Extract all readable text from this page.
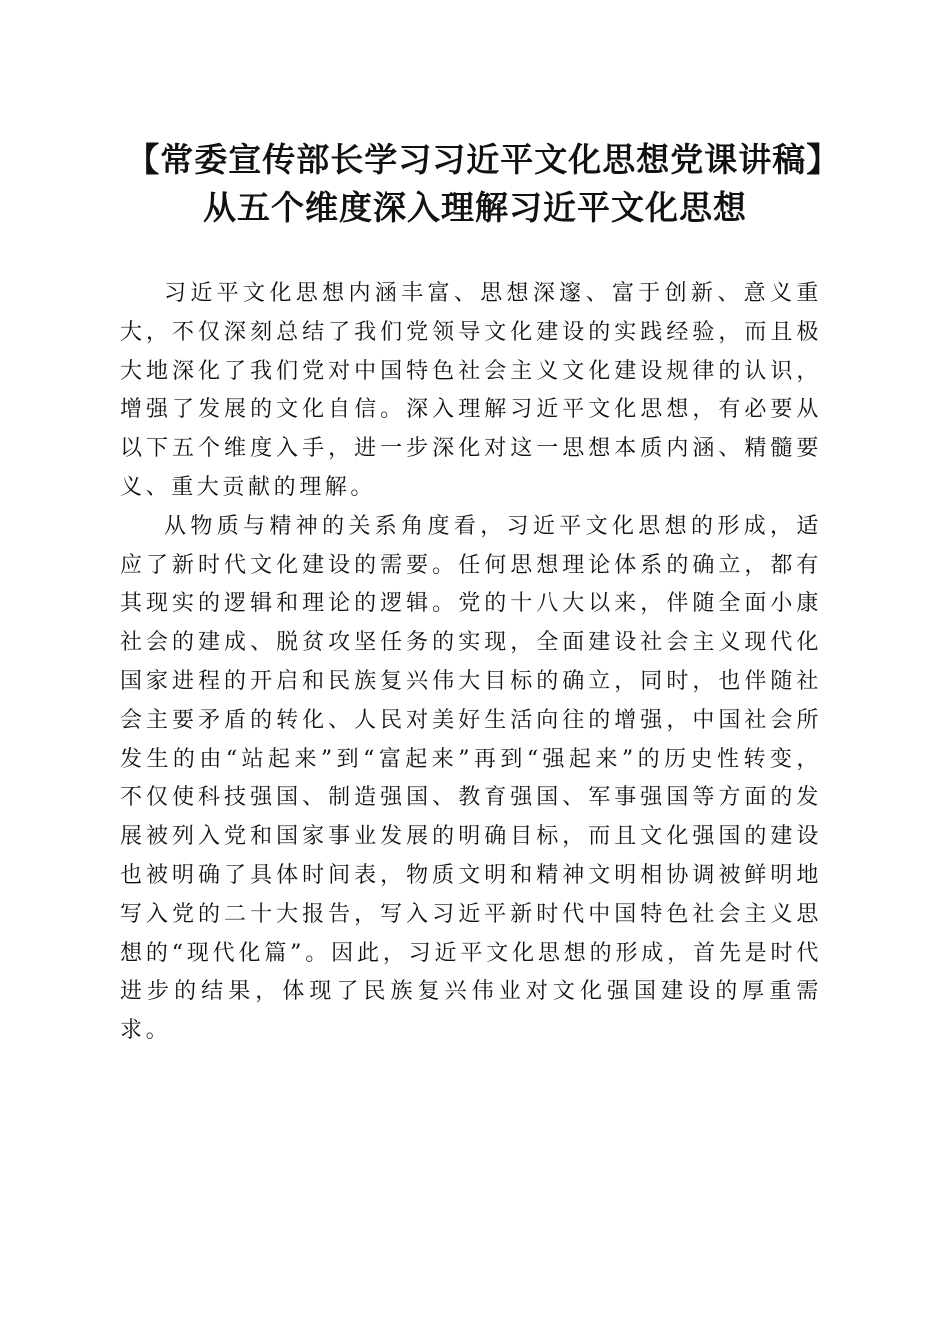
【常委宣传部长学习习近平文化思想党课讲稿】从五个维度深入理解习近平文化思想

习近平文化思想内涵丰富、思想深邃、富于创新、意义重大，不仅深刻总结了我们党领导文化建设的实践经验，而且极大地深化了我们党对中国特色社会主义文化建设规律的认识，增强了发展的文化自信。深入理解习近平文化思想，有必要从以下五个维度入手，进一步深化对这一思想本质内涵、精髓要义、重大贡献的理解。

从物质与精神的关系角度看，习近平文化思想的形成，适应了新时代文化建设的需要。任何思想理论体系的确立，都有其现实的逻辑和理论的逻辑。党的十八大以来，伴随全面小康社会的建成、脱贫攻坚任务的实现，全面建设社会主义现代化国家进程的开启和民族复兴伟大目标的确立，同时，也伴随社会主要矛盾的转化、人民对美好生活向往的增强，中国社会所发生的由“站起来”到“富起来”再到“强起来”的历史性转变，不仅使科技强国、制造强国、教育强国、军事强国等方面的发展被列入党和国家事业发展的明确目标，而且文化强国的建设也被明确了具体时间表，物质文明和精神文明相协调被鲜明地写入党的二十大报告，写入习近平新时代中国特色社会主义思想的“现代化篇”。因此，习近平文化思想的形成，首先是时代进步的结果，体现了民族复兴伟业对文化强国建设的厚重需求。
